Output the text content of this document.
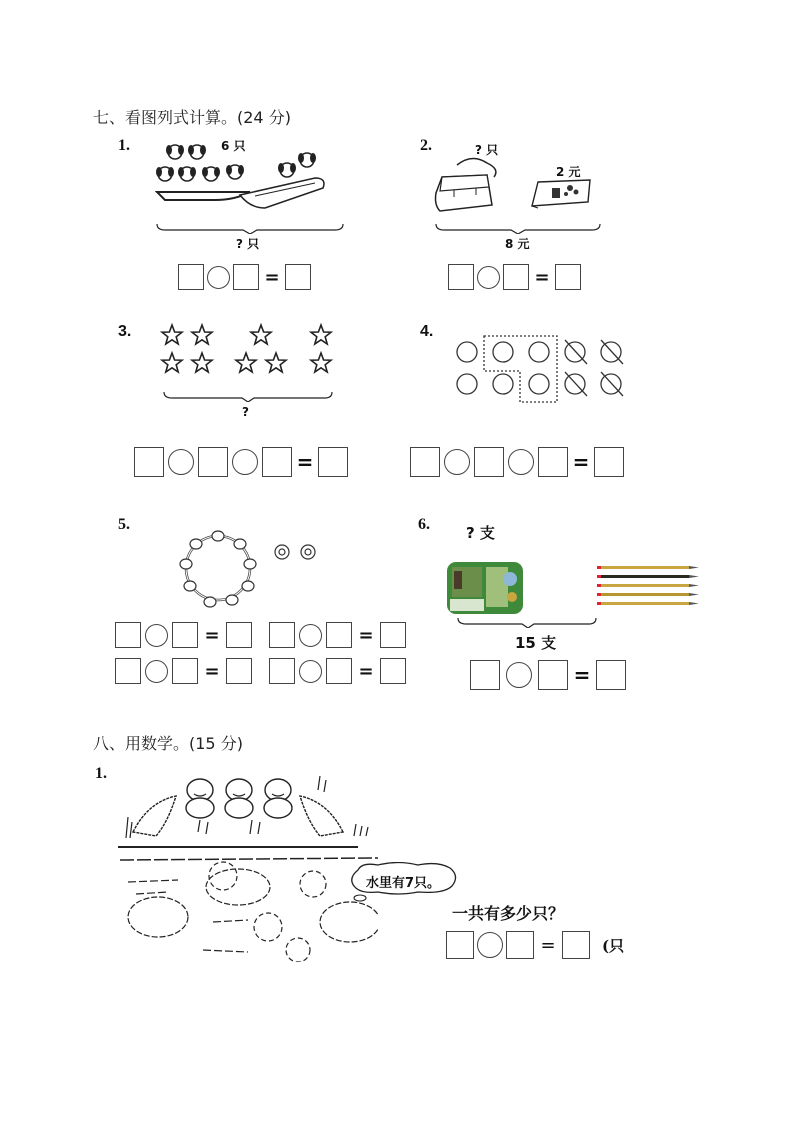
七、看图列式计算。(24 分)
1.	6 只
? 只
=
2.	? 只
2 元
8 元
=
3.
?
=
4.
=
5.
=	=
=	=
6. ? 支
15 支
=
八、用数学。(15 分)
1.
水里有7只。
一共有多少只？
=	(只
